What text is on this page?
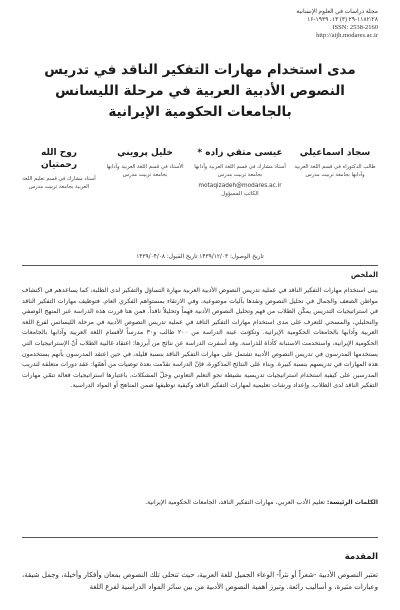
مجلة دراسات في العلوم الإنسانية
۲۹-۱۱۸۲/۲۸ (۳) ۱۳، ۱۶-۱۹۳۹
ISSN: 2538-2160
http://aijh.modares.ac.ir
مدى استخدام مهارات التفكير الناقد في تدريس النصوص الأدبية العربية في مرحلة الليسانس بالجامعات الحكومية الإيرانية
سجاد اسماعيلي
طالب الدكتوراه في قسم اللغة العربية وآدابها بجامعة تربيت مدرس
عيسى متقي زاده *
أستاذ مشارك في قسم اللغة العربية وآدابها بجامعة تربيت مدرس
motaqizadeh@modares.ac.ir
الكاتب المسؤول
خليل پرويني
الأستاذ في قسم اللغة العربية وآدابها بجامعة تربيت مدرس
روح الله رحمتيان
أستاذ مشارك في قسم تعليم اللغة العربية بجامعة تربيت مدرس
تاريخ الوصول: ۱۴۳۹/۱۲/۰۳ تاريخ القبول: ۱۴۳۹/۰۴/۰۸
الملخص
يبنى استخدام مهارات التفكير الناقد في عملية تدريس النصوص الأدبية العربية مهارة التساؤل والتفكير لدى الطلبة، كما يساعدهم في اكتشاف مواطن الضعف والجمال في تحليل النصوص ونقدها بآليات موضوعية، وفي الارتقاء بمستواهم الفكري العام. فتوظيف مهارات التفكير الناقد في استراتيجيات التدريس يمكّن الطلاب من فهم وتحليل النصوص الأدبية فهماً وتحليلاً ناقداً. فمن هنا قررت هذه الدراسة عبر المنهج الوصفي والتحليلي، والمسحي للتعرف على مدى استخدام مهارات التفكير الناقد في عملية تدريس النصوص الأدبية في مرحلة الليسانس لفرع اللغة العربية وآدابها بالجامعات الحكومية الإيرانية. وتكوّنت عينة الدراسة من ۲۰۰ طالب و۳۰ مدرساً لأقسام اللغة العربية وآدابها بالجامعات الحكومية الإيرانية، واستخدمت الاستبانة كأداة للدراسة. وقد أسفرت الدراسة عن نتائج من أبرزها: اعتقاد غالبية الطلاب أنّ الإستراتيجيات التي يستخدمها المدرسون في تدريس النصوص الأدبية تشتمل على مهارات التفكير الناقد بنسبة قليلة، في حين اعتقد المدرسون بأنهم يستخدمون هذه المهارات في تدريسهم بنسبة كبيرة. وبناء على النتائج المذكورة، فإنّ الدراسة تقدّمت بعدة توصيات من أهمّها: عقد دورات متعلقة لتدريب المدرسين على كيفية استخدام استراتيجيات تدريسية نشيطة نحو التعلم التعاوني وحلّ المشكلات، باعتبارها استراتيجيات فعالة تنمّي مهارات التفكير الناقد لدى الطلاب، وإعداد ورشات تعليمية لمهارات التفكير الناقد وكيفية توظيفها ضمن المناهج أو المواد الدراسية.
الكلمات الرئيسة: تعليم الأدب العربي، مهارات التفكير الناقد، الجامعات الحكومية الإيرانية.
المقدمة
تعتبر النصوص الأدبية -شعراً أو نثراً- الوعاء الجميل للغة العربية، حيث تتحلى تلك النصوص بمعان وأفكار وأخيلة، وجمل شيقة، وعبارات مثيرة، و أساليب رائعة. وتبرز أهمية النصوص الأدبية من بين سائر المواد الدراسية لفرع اللغة
